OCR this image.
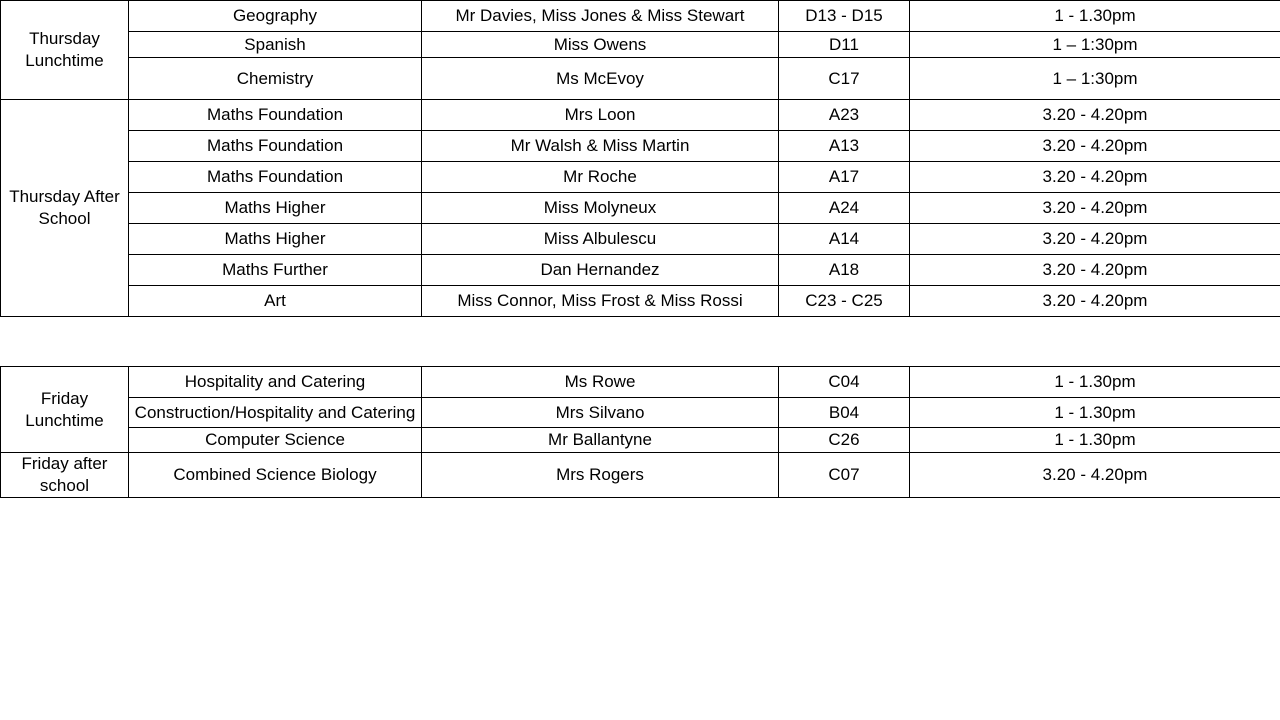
Thursday Lunchtime	Geography	Mr Davies, Miss Jones & Miss Stewart	D13 - D15	1 - 1.30pm
	Spanish	Miss Owens	D11	1 – 1:30pm
	Chemistry	Ms McEvoy	C17	1 – 1:30pm
Thursday After School	Maths Foundation	Mrs Loon	A23	3.20 - 4.20pm
	Maths Foundation	Mr Walsh & Miss Martin	A13	3.20 - 4.20pm
	Maths Foundation	Mr Roche	A17	3.20 - 4.20pm
	Maths Higher	Miss Molyneux	A24	3.20 - 4.20pm
	Maths Higher	Miss Albulescu	A14	3.20 - 4.20pm
	Maths Further	Dan Hernandez	A18	3.20 - 4.20pm
	Art	Miss Connor, Miss Frost & Miss Rossi	C23 - C25	3.20 - 4.20pm
Friday Lunchtime	Hospitality and Catering	Ms Rowe	C04	1 - 1.30pm
	Construction/Hospitality and Catering	Mrs Silvano	B04	1 - 1.30pm
	Computer Science	Mr Ballantyne	C26	1 - 1.30pm
Friday after school	Combined Science Biology	Mrs Rogers	C07	3.20 - 4.20pm
